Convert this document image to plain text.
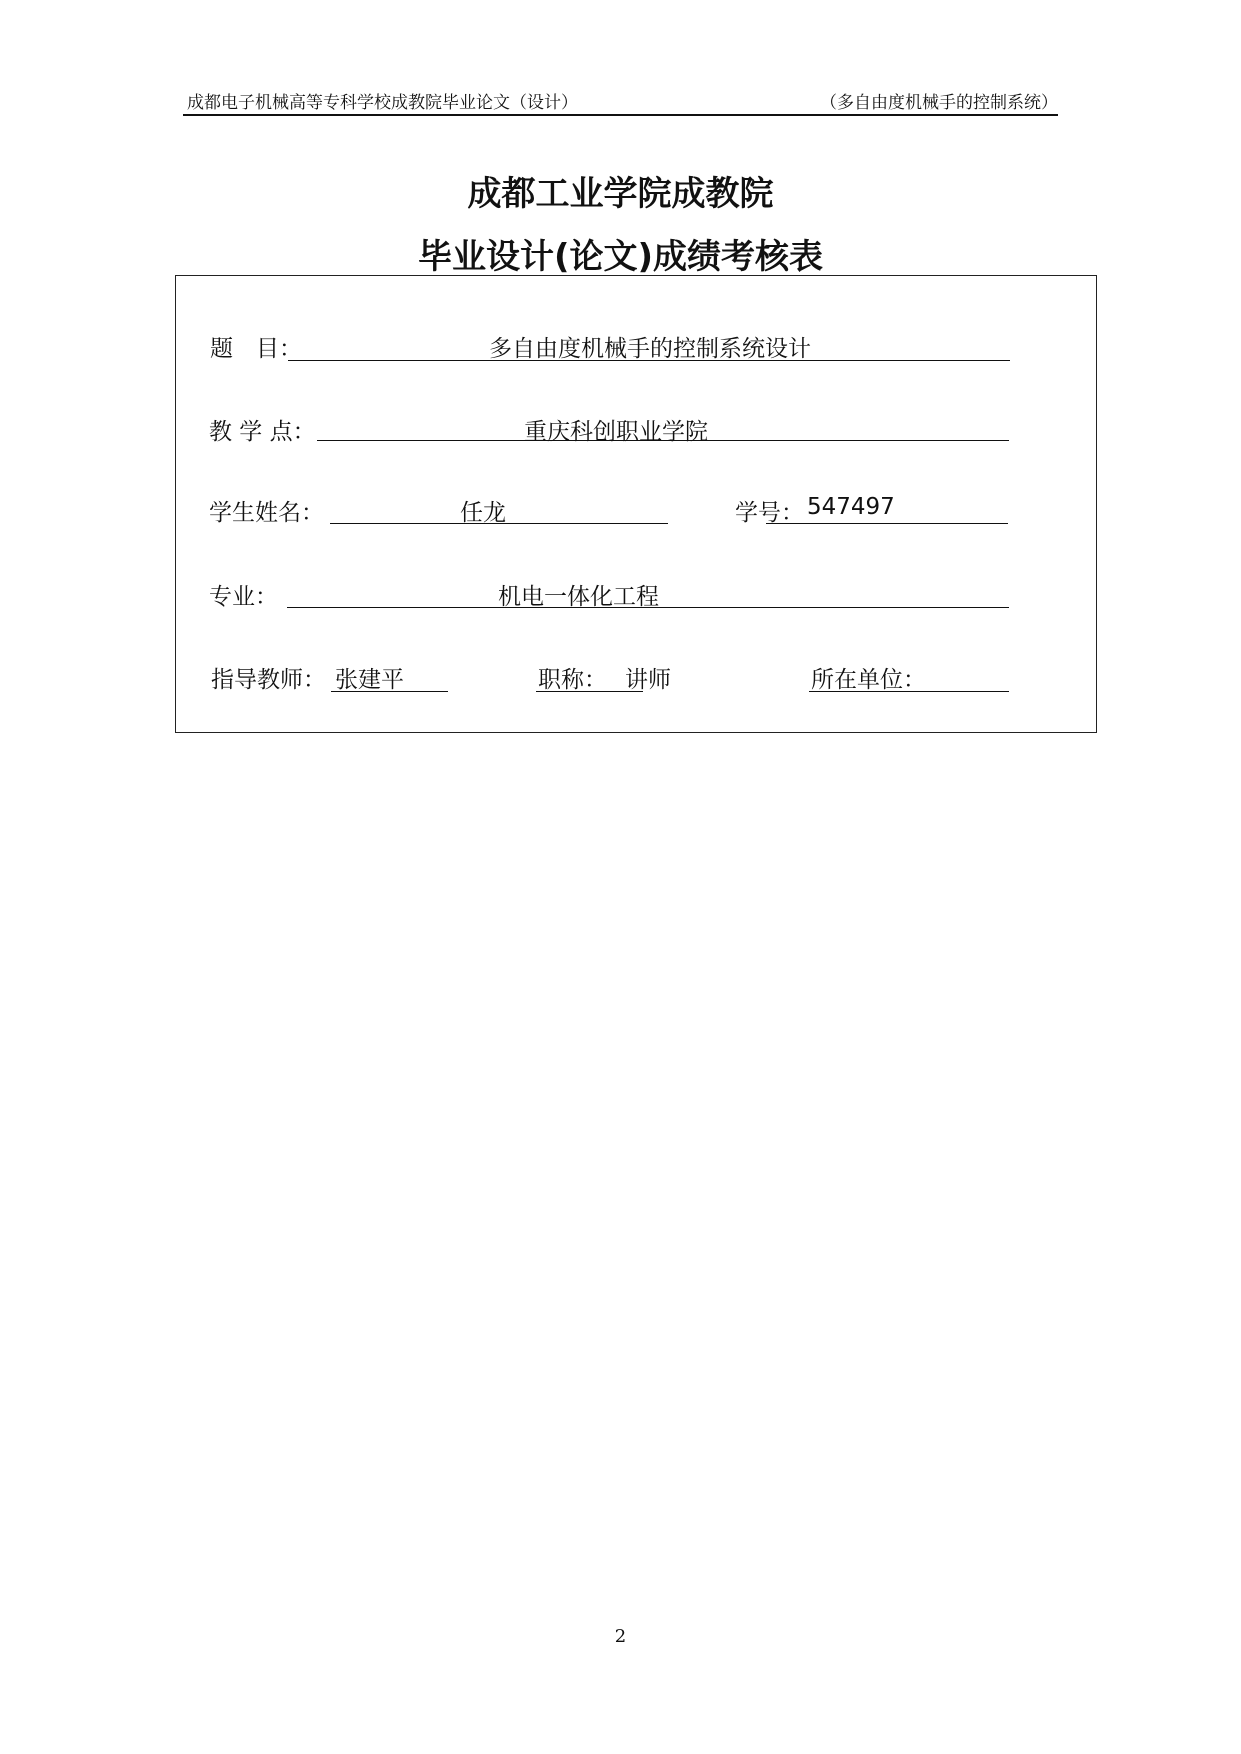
成都电子机械高等专科学校成教院毕业论文（设计）	（多自由度机械手的控制系统）
成都工业学院成教院
毕业设计(论文)成绩考核表
题　目：	多自由度机械手的控制系统设计
教 学 点：	重庆科创职业学院
学生姓名：	任龙	学号： 547497
专业：	机电一体化工程
指导教师： 张建平	职称： 讲师	所在单位：
2
